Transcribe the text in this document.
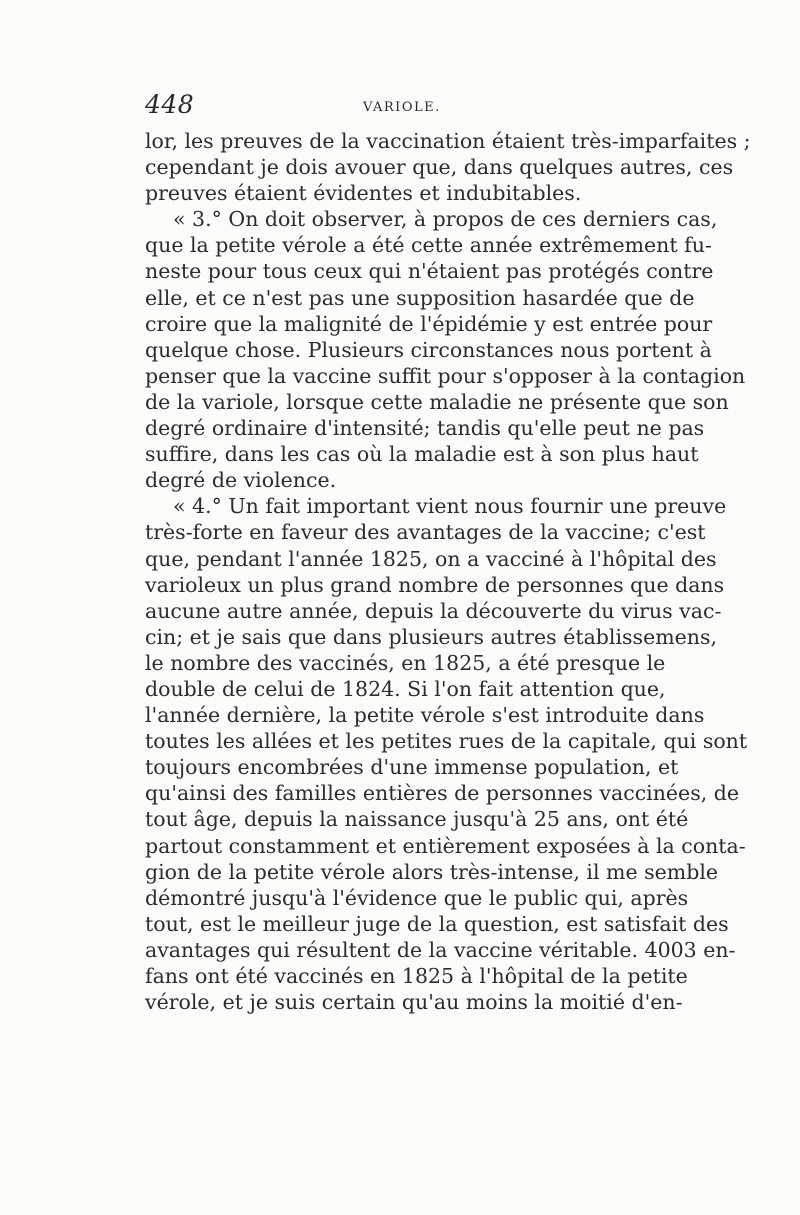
448	VARIOLE.
lor, les preuves de la vaccination étaient très-imparfaites ;
cependant je dois avouer que, dans quelques autres, ces
preuves étaient évidentes et indubitables.
« 3.° On doit observer, à propos de ces derniers cas,
que la petite vérole a été cette année extrêmement fu-
neste pour tous ceux qui n'étaient pas protégés contre
elle, et ce n'est pas une supposition hasardée que de
croire que la malignité de l'épidémie y est entrée pour
quelque chose. Plusieurs circonstances nous portent à
penser que la vaccine suffit pour s'opposer à la contagion
de la variole, lorsque cette maladie ne présente que son
degré ordinaire d'intensité; tandis qu'elle peut ne pas
suffire, dans les cas où la maladie est à son plus haut
degré de violence.
« 4.° Un fait important vient nous fournir une preuve
très-forte en faveur des avantages de la vaccine; c'est
que, pendant l'année 1825, on a vacciné à l'hôpital des
varioleux un plus grand nombre de personnes que dans
aucune autre année, depuis la découverte du virus vac-
cin; et je sais que dans plusieurs autres établissemens,
le nombre des vaccinés, en 1825, a été presque le
double de celui de 1824. Si l'on fait attention que,
l'année dernière, la petite vérole s'est introduite dans
toutes les allées et les petites rues de la capitale, qui sont
toujours encombrées d'une immense population, et
qu'ainsi des familles entières de personnes vaccinées, de
tout âge, depuis la naissance jusqu'à 25 ans, ont été
partout constamment et entièrement exposées à la conta-
gion de la petite vérole alors très-intense, il me semble
démontré jusqu'à l'évidence que le public qui, après
tout, est le meilleur juge de la question, est satisfait des
avantages qui résultent de la vaccine véritable. 4003 en-
fans ont été vaccinés en 1825 à l'hôpital de la petite
vérole, et je suis certain qu'au moins la moitié d'en-
